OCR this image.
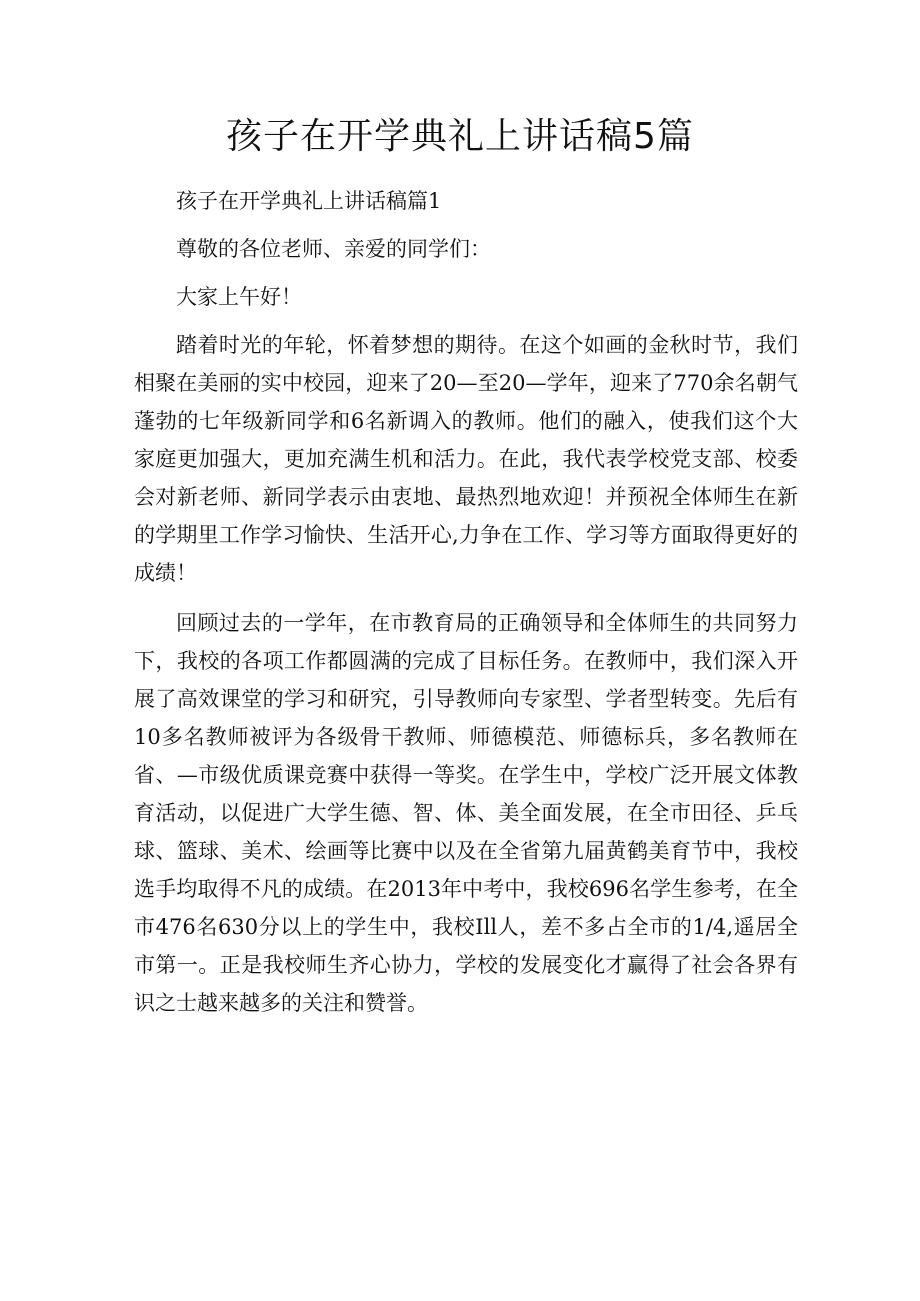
孩子在开学典礼上讲话稿5篇

孩子在开学典礼上讲话稿篇1

尊敬的各位老师、亲爱的同学们：

大家上午好！

踏着时光的年轮，怀着梦想的期待。在这个如画的金秋时节，我们相聚在美丽的实中校园，迎来了20—至20—学年，迎来了770余名朝气蓬勃的七年级新同学和6名新调入的教师。他们的融入，使我们这个大家庭更加强大，更加充满生机和活力。在此，我代表学校党支部、校委会对新老师、新同学表示由衷地、最热烈地欢迎！并预祝全体师生在新的学期里工作学习愉快、生活开心,力争在工作、学习等方面取得更好的成绩！

回顾过去的一学年，在市教育局的正确领导和全体师生的共同努力下，我校的各项工作都圆满的完成了目标任务。在教师中，我们深入开展了高效课堂的学习和研究，引导教师向专家型、学者型转变。先后有10多名教师被评为各级骨干教师、师德模范、师德标兵，多名教师在省、—市级优质课竞赛中获得一等奖。在学生中，学校广泛开展文体教育活动，以促进广大学生德、智、体、美全面发展，在全市田径、乒乓球、篮球、美术、绘画等比赛中以及在全省第九届黄鹤美育节中，我校选手均取得不凡的成绩。在2013年中考中，我校696名学生参考，在全市476名630分以上的学生中，我校Ill人，差不多占全市的1/4,遥居全市第一。正是我校师生齐心协力，学校的发展变化才赢得了社会各界有识之士越来越多的关注和赞誉。
